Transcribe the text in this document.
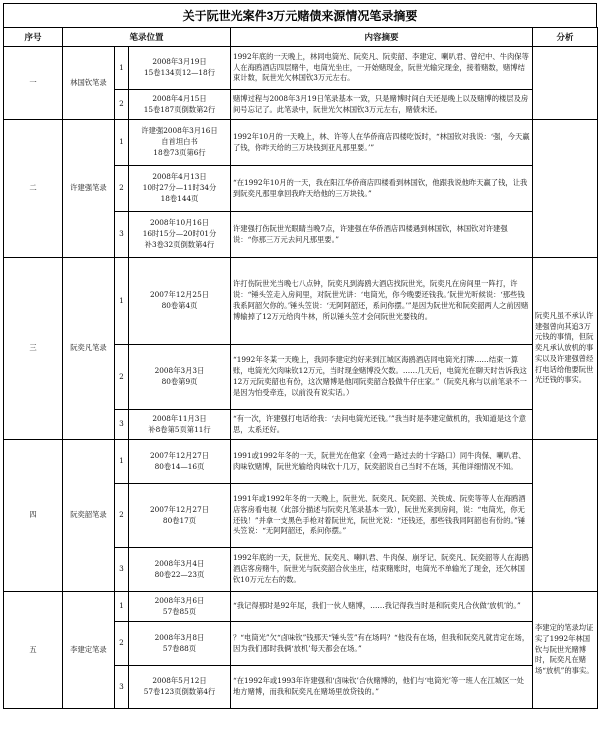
关于阮世光案件3万元赌债来源情况笔录摘要
序号	笔录位置			内容摘要	分析
一	林国钦笔录	1	2008年3月19日
15卷134页12—18行	1992年底的一天晚上，林同电筒光、阮奕凡、阮奕韶、李建定、喇叭君、曾纪中、牛肉保等人在海鸥酒店四层赌牛，电筒光坐庄，一开始赌现金，阮世光输完现金，接着赌数，赌博结束计数，阮世光欠林国钦3万元左右。	
		2	2008年4月15日
15卷187页倒数第2行	赌博过程与2008年3月19日笔录基本一致，只是赌博时间白天还是晚上以及赌博的楼层及房间号忘记了。此笔录中，阮世光欠林国钦3万元左右，赌债未还。	
二	许建强笔录	1	许建强2008年3月16日
自首坦白书
18卷73页第6行	1992年10月的一天晚上，林、许等人在华侨商店四楼吃饭时，“林国钦对我说：‘强，今天赢了钱，你昨天给的三万块钱到亚凡那里要。’”	
		2	2008年4月13日
10时27分—11时34分
18卷144页	“在1992年10月的一天，我在阳江华侨商店四楼看到林国钦，他跟我说他昨天赢了钱，让我到阮奕凡那里拿回我昨天给他的三万块钱。”	
		3	2008年10月16日
16时15分—20时01分
补3卷32页倒数第4行	许建强打伤阮世光眼睛当晚7点，许建强在华侨酒店四楼遇到林国钦，林国钦对许建强说：“你那三万元去问凡那里要。”	
三	阮奕凡笔录	1	2007年12月25日
80卷第4页	许打伤阮世光当晚七八点钟，阮奕凡到海鸥大酒店找阮世光，阮奕凡在房间里一阵打，许说：“锤头笠走入房间里，对阮世光讲：‘电筒光，你今晚要还钱我。’阮世光听候说：‘那些钱我系阿韶欠你的。’锤头笠说：‘无阿阿韶还，系问你摆。’”是因为阮世光和阮奕韶两人之前因赌博输掉了12万元给肉牛林，所以锤头笠才会问阮世光要钱的。	阮奕凡虽不承认许建强曾向其追3万元钱的事情，但阮奕凡承认放机的事实以及许建强曾经打电话给他要阮世光还钱的事实。
		2	2008年3月3日
80卷第9页	“1992年冬某一天晚上，我同李建定约好来到江城区海鸥酒店同电筒光打牌……结束一算账，电筒光欠肉味钦12万元，当时现金赌博没欠数。……几天后，电筒光在聊天时告诉我这12万元阮奕韶也有份，这次赌博是他同阮奕韶合股做牛仔庄家。”（阮奕凡称与以前笔录不一是因为怕受牵连，以前没有说实话。）	
		3	2008年11月3日
补8卷第5页第11行	“有一次，许建强打电话给我：‘去问电筒光还钱。’”我当时是李建定做机的，我知道是这个意思，太系还好。	
四	阮奕韶笔录	1	2007年12月27日
80卷14—16页	1991或1992年冬的一天，阮世光在他家（金鸡一路过去的十字路口）同牛肉保、喇叭君、肉味钦赌博，阮世光输给肉味钦十几万，阮奕韶说自己当时不在场，其他详细情况不知。	
		2	2007年12月27日
80卷17页	1991年或1992年冬的一天晚上，阮世光、阮奕凡、阮奕韶、关铁成、阮奕等等人在海鸥酒店客房看电视（此部分描述与阮奕凡笔录基本一致），阮世光来到房间，说：“电筒光，你无还钱！”并拿一支黑色手枪对着阮世光，阮世光说：“还钱还，那些钱我同阿韶也有份的。”锤头笠说：“无阿阿韶还，系问你摆。”	
		3	2008年3月4日
80卷22—23页	1992年底的一天，阮世光、阮奕凡、喇叭君、牛肉保、崩牙记、阮奕凡、阮奕韶等人在海鸥酒店客房赌牛，阮世光与阮奕韶合伙坐庄，结束赌账时，电筒光不单输光了现金，还欠林国钦10万元左右的数。	
五	李建定笔录	1	2008年3月6日
57卷85页	“我记得那时是92年尾，我们一伙人赌博，……我记得我当时是和阮奕凡合伙做‘放机’的。”	李建定的笔录均证实了1992年林国钦与阮世光赌博时，阮奕凡在赌场“放机”的事实。
		2	2008年3月8日
57卷88页	？“电筒光”欠“卤味钦”钱那天“锤头笠”有在场吗？“他没有在场，但我和阮奕凡就肯定在场，因为我们那时我俩‘放机’每天都会在场。”	
		3	2008年5月12日
57卷123页倒数第4行	“在1992年或1993年许建强和‘卤味钦’合伙赌博的，他们与‘电筒光’等一班人在江城区一处地方赌博，而我和阮奕凡在赌场里放贷钱的。”	
